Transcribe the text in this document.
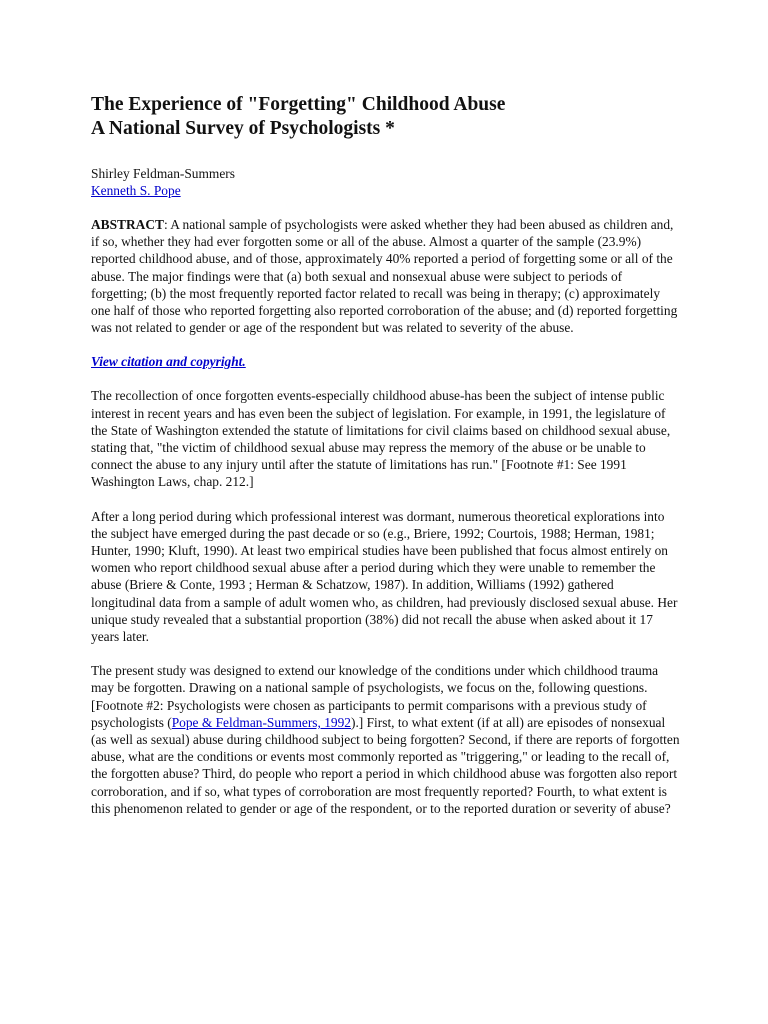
The Experience of "Forgetting" Childhood Abuse
A National Survey of Psychologists *
Shirley Feldman-Summers
Kenneth S. Pope

ABSTRACT: A national sample of psychologists were asked whether they had been abused as children and, if so, whether they had ever forgotten some or all of the abuse. Almost a quarter of the sample (23.9%) reported childhood abuse, and of those, approximately 40% reported a period of forgetting some or all of the abuse. The major findings were that (a) both sexual and nonsexual abuse were subject to periods of forgetting; (b) the most frequently reported factor related to recall was being in therapy; (c) approximately one half of those who reported forgetting also reported corroboration of the abuse; and (d) reported forgetting was not related to gender or age of the respondent but was related to severity of the abuse.

View citation and copyright.

The recollection of once forgotten events-especially childhood abuse-has been the subject of intense public interest in recent years and has even been the subject of legislation. For example, in 1991, the legislature of the State of Washington extended the statute of limitations for civil claims based on childhood sexual abuse, stating that, "the victim of childhood sexual abuse may repress the memory of the abuse or be unable to connect the abuse to any injury until after the statute of limitations has run." [Footnote #1: See 1991 Washington Laws, chap. 212.]

After a long period during which professional interest was dormant, numerous theoretical explorations into the subject have emerged during the past decade or so (e.g., Briere, 1992; Courtois, 1988; Herman, 1981; Hunter, 1990; Kluft, 1990). At least two empirical studies have been published that focus almost entirely on women who report childhood sexual abuse after a period during which they were unable to remember the abuse (Briere & Conte, 1993 ; Herman & Schatzow, 1987). In addition, Williams (1992) gathered longitudinal data from a sample of adult women who, as children, had previously disclosed sexual abuse. Her unique study revealed that a substantial proportion (38%) did not recall the abuse when asked about it 17 years later.

The present study was designed to extend our knowledge of the conditions under which childhood trauma may be forgotten. Drawing on a national sample of psychologists, we focus on the, following questions. [Footnote #2: Psychologists were chosen as participants to permit comparisons with a previous study of psychologists (Pope & Feldman-Summers, 1992).] First, to what extent (if at all) are episodes of nonsexual (as well as sexual) abuse during childhood subject to being forgotten? Second, if there are reports of forgotten abuse, what are the conditions or events most commonly reported as "triggering," or leading to the recall of, the forgotten abuse? Third, do people who report a period in which childhood abuse was forgotten also report corroboration, and if so, what types of corroboration are most frequently reported? Fourth, to what extent is this phenomenon related to gender or age of the respondent, or to the reported duration or severity of abuse?
